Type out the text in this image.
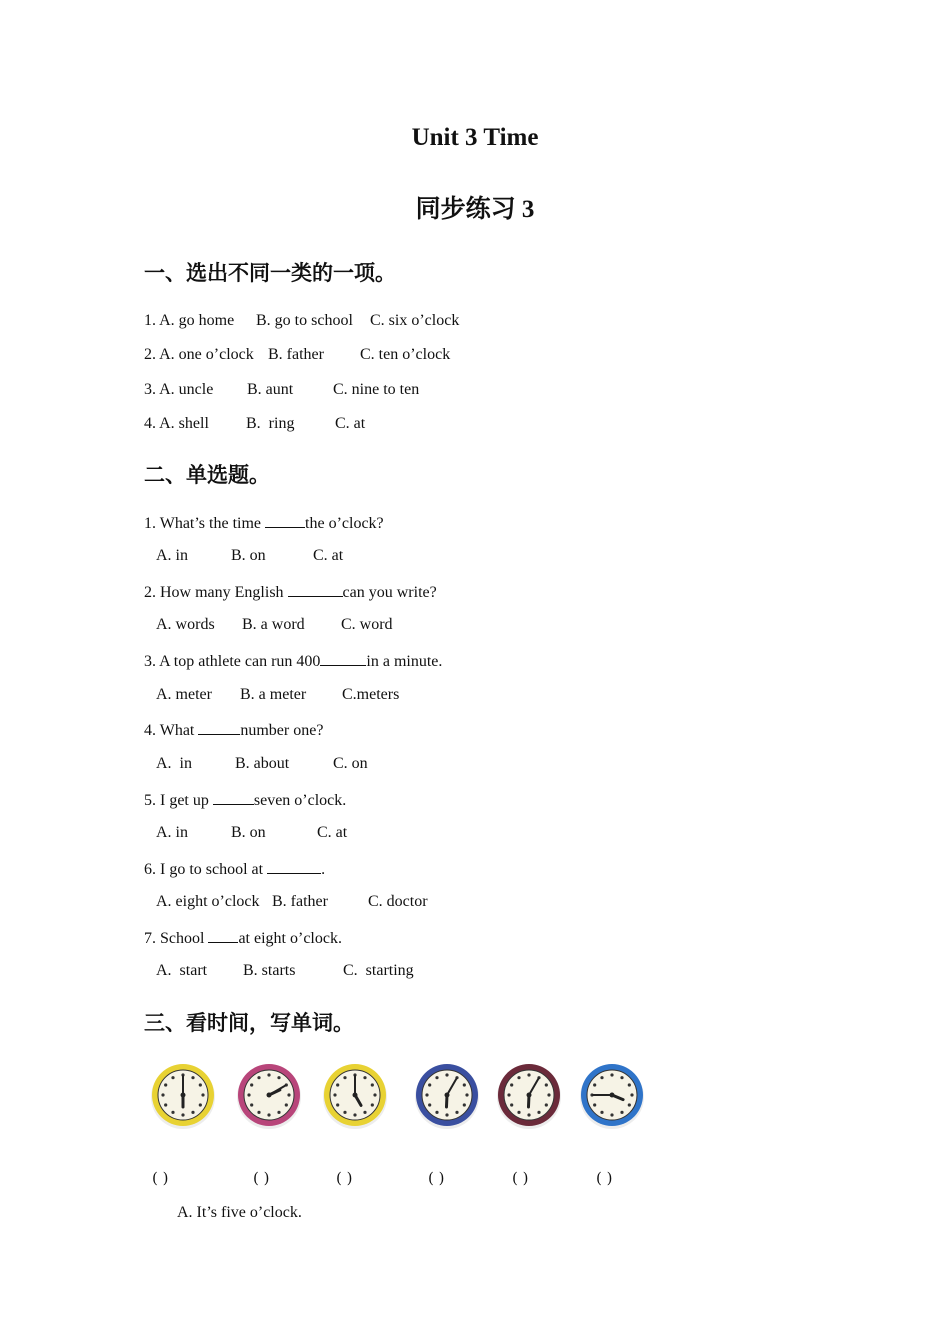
Unit 3 Time
同步练习 3
一、选出不同一类的一项。
1. A. go home B. go to school C. six o’clock
2. A. one o’clock B. father C. ten o’clock
3. A. uncle B. aunt C. nine to ten
4. A. shell B.  ring	C. at
二、单选题。
1. What’s the time	the o’clock?
A. in	B. on	C. at
2. How many English	can you write?
A. words B. a word C. word
3. A top athlete can run 400	in a minute.
A. meter B. a meter C.meters
4. What	number one?
A.  in	B. about	C. on
5. I get up	seven o’clock.
A. in	B. on	C. at
6. I go to school at	.
A. eight o’clock B. father	C. doctor
7. School at eight o’clock.
A.  start B. starts	C.  starting
三、看时间，写单词。
( )	( )	( )	( )	( )	( )
A. It’s five o’clock.
